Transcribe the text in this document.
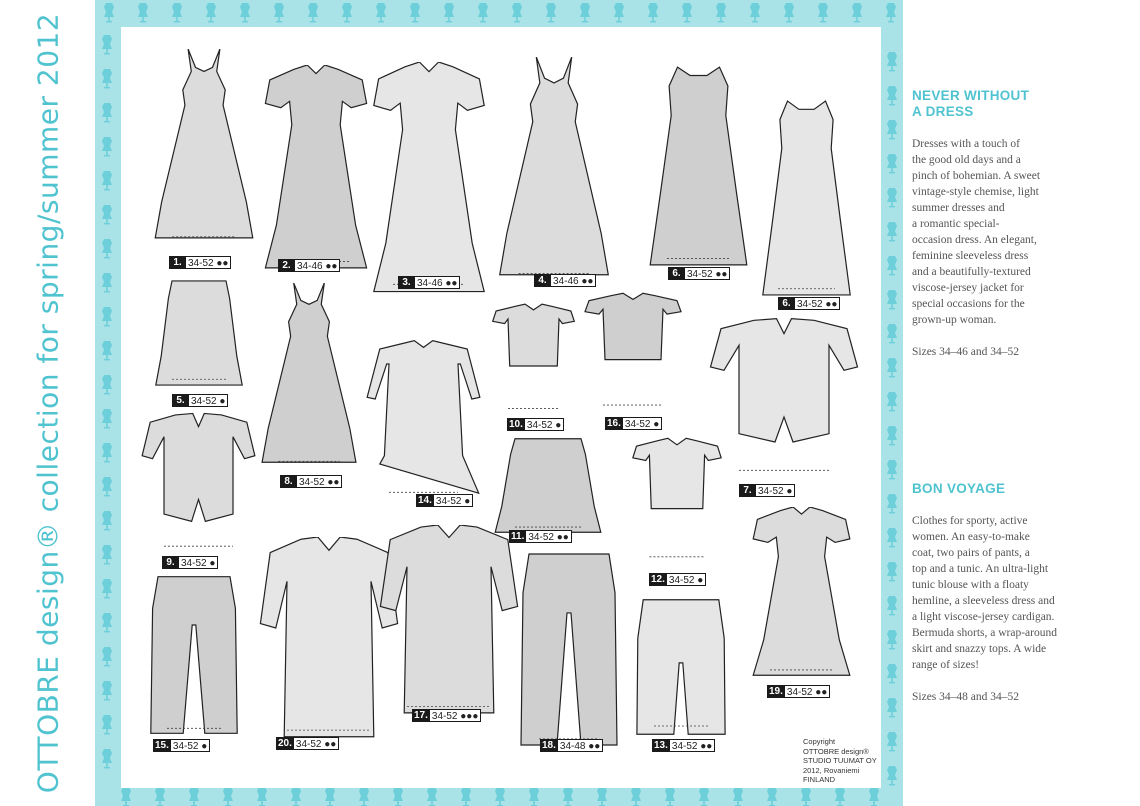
OTTOBRE design® collection for spring/summer 2012	1. 34-52 ●●	2. 34-46 ●●
3. 34-46 ●●	4. 34-46 ●●
6. 34-52 ●●
6. 34-52 ●●
5. 34-52 ●
8. 34-52 ●●
14. 34-52 ●
10. 34-52 ●	16. 34-52 ●
7. 34-52 ●
9. 34-52 ●
11. 34-52 ●●
12. 34-52 ●
19. 34-52 ●●
15. 34-52 ●	20. 34-52 ●●
17. 34-52 ●●●
18. 34-48 ●●	13. 34-52 ●●	Copyright
OTTOBRE design®
STUDIO TUUMAT OY
2012, Rovaniemi FINLAND
NEVER WITHOUT
A DRESS

Dresses with a touch of
the good old days and a
pinch of bohemian. A sweet
vintage-style chemise, light
summer dresses and
a romantic special-
occasion dress. An elegant,
feminine sleeveless dress
and a beautifully-textured
viscose-jersey jacket for
special occasions for the
grown-up woman.

Sizes 34–46 and 34–52

BON VOYAGE

Clothes for sporty, active
women. An easy-to-make
coat, two pairs of pants, a
top and a tunic. An ultra-light
tunic blouse with a floaty
hemline, a sleeveless dress and
a light viscose-jersey cardigan.
Bermuda shorts, a wrap-around
skirt and snazzy tops. A wide
range of sizes!

Sizes 34–48 and 34–52
